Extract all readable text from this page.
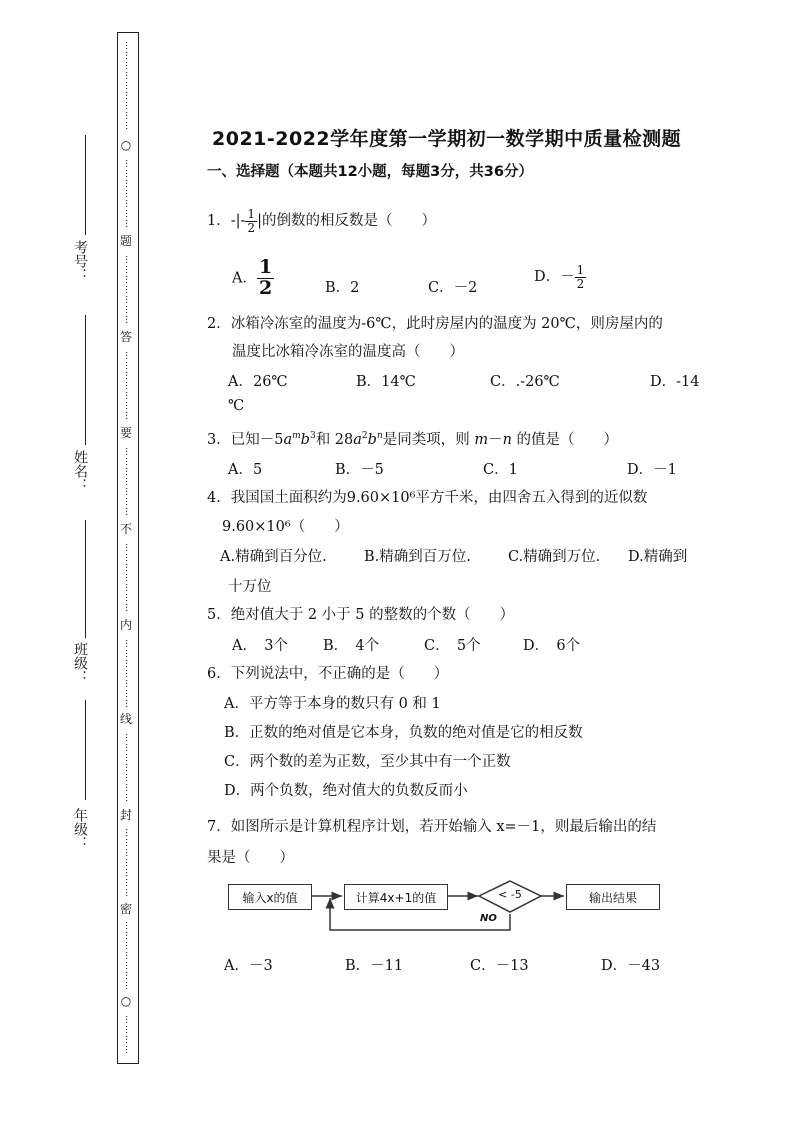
………………………
○
…………………
题
…………………
答
…………………
要
…………………
不
…………………
内
…………………
线
…………………
封
…………………
密
…………………
○
…………
考号：
姓名：
班级：
年级：
2021-2022学年度第一学期初一数学期中质量检测题
一、选择题（本题共12小题，每题3分，共36分）
1．-|- $\frac{1}{2}$ |的倒数的相反数是（　　）
A． $\frac{1}{2}$	B．2	C．－2
D．－ $\frac{1}{2}$
2．冰箱冷冻室的温度为-6℃，此时房屋内的温度为 20℃，则房屋内的
温度比冰箱冷冻室的温度高（　　）
A．26℃	B．14℃	C．.-26℃	D．-14
℃
3．已知$-5a^mb^3$和 $28a^2b^n$是同类项，则 m－n 的值是（　　）
A．5	B．－5	C．1	D．－1
4．我国国土面积约为9.60×10⁶平方千米，由四舍五入得到的近似数
9.60×10⁶（　　）
A.精确到百分位.	B.精确到百万位.	C.精确到万位. D.精确到
十万位
5．绝对值大于 2 小于 5 的整数的个数（　　）
A．　3个 B．　4个	C．　5个	D．　6个
6．下列说法中，不正确的是（　　）
A．平方等于本身的数只有 0 和 1
B．正数的绝对值是它本身，负数的绝对值是它的相反数
C．两个数的差为正数，至少其中有一个正数
D．两个负数，绝对值大的负数反而小
7．如图所示是计算机程序计划，若开始输入 x=－1，则最后输出的结
果是（　　）
输入x的值	计算4x+1的值	< -5
NO
输出结果
A．－3	B．－11	C．－13	D．－43
